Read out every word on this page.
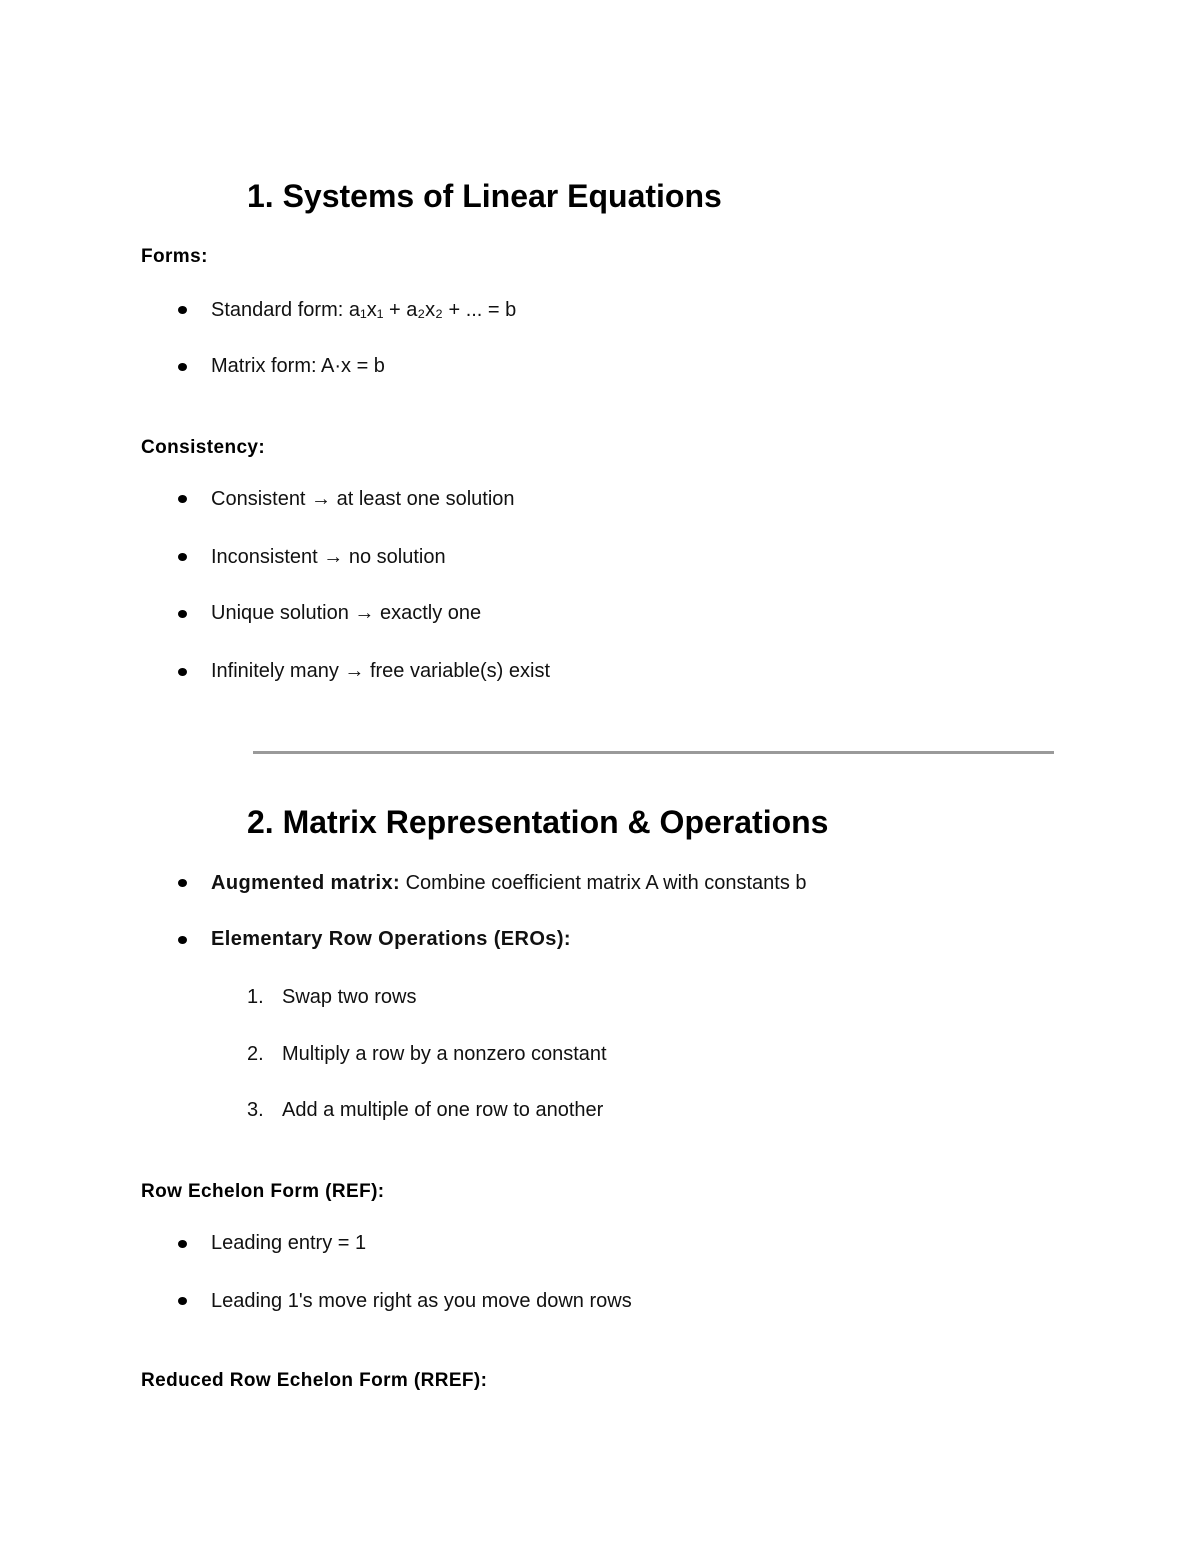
1. Systems of Linear Equations
Forms:
Standard form: a₁x₁ + a₂x₂ + ... = b
Matrix form: A·x = b
Consistency:
Consistent → at least one solution
Inconsistent → no solution
Unique solution → exactly one
Infinitely many → free variable(s) exist
2. Matrix Representation & Operations
Augmented matrix: Combine coefficient matrix A with constants b
Elementary Row Operations (EROs):
1. Swap two rows
2. Multiply a row by a nonzero constant
3. Add a multiple of one row to another
Row Echelon Form (REF):
Leading entry = 1
Leading 1's move right as you move down rows
Reduced Row Echelon Form (RREF):
